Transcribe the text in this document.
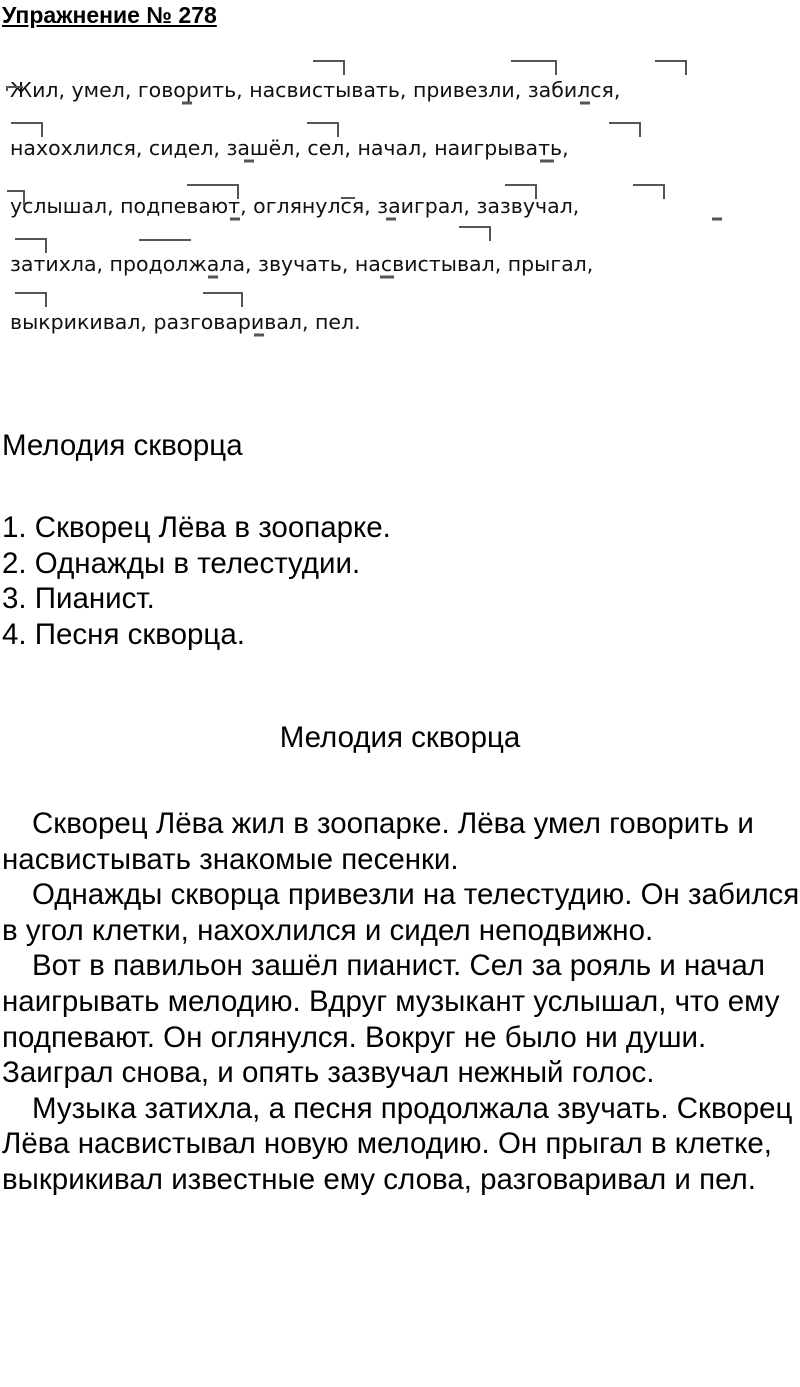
Упражнение № 278
Жил, умел, говорить, насвистывать, привезли, забился,
нахохлился, сидел, зашёл, сел, начал, наигрывать,
услышал, подпевают, оглянулся, заиграл, зазвучал,
затихла, продолжала, звучать, насвистывал, прыгал,
выкрикивал, разговаривал, пел.
Мелодия скворца
1. Скворец Лёва в зоопарке.
2. Однажды в телестудии.
3. Пианист.
4. Песня скворца.
Мелодия скворца

Скворец Лёва жил в зоопарке. Лёва умел говорить и насвистывать знакомые песенки.

Однажды скворца привезли на телестудию. Он забился в угол клетки, нахохлился и сидел неподвижно.

Вот в павильон зашёл пианист. Сел за рояль и начал наигрывать мелодию. Вдруг музыкант услышал, что ему подпевают. Он оглянулся. Вокруг не было ни души. Заиграл снова, и опять зазвучал нежный голос.

Музыка затихла, а песня продолжала звучать. Скворец Лёва насвистывал новую мелодию. Он прыгал в клетке, выкрикивал известные ему слова, разговаривал и пел.
